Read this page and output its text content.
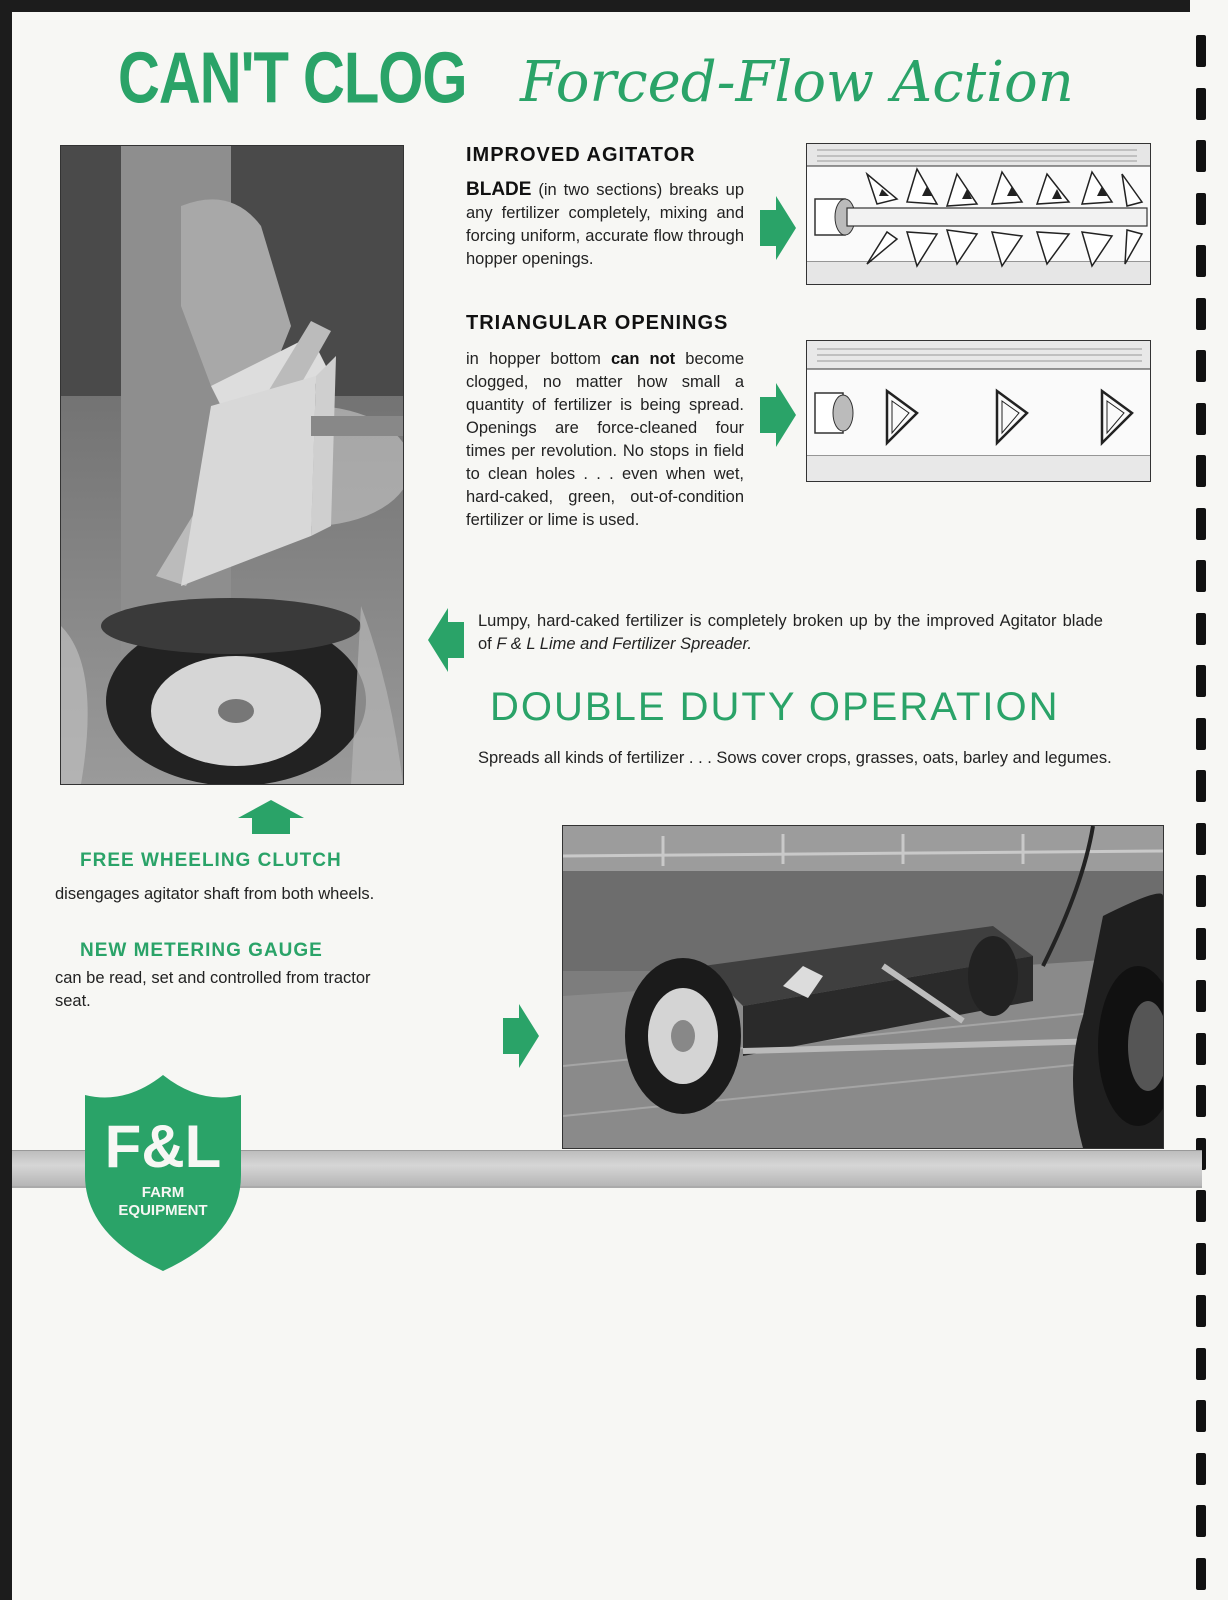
CAN'T CLOG Forced-Flow Action
IMPROVED AGITATOR

BLADE (in two sections) breaks up any fertilizer completely, mixing and forcing uniform, accurate flow through hopper openings.

TRIANGULAR OPENINGS

in hopper bottom can not become clogged, no matter how small a quantity of fertilizer is being spread. Openings are force-cleaned four times per revolution. No stops in field to clean holes . . . even when wet, hard-caked, green, out-of-condition fertilizer or lime is used.

Lumpy, hard-caked fertilizer is completely broken up by the improved Agitator blade of F & L Lime and Fertilizer Spreader.

DOUBLE DUTY OPERATION

Spreads all kinds of fertilizer . . . Sows cover crops, grasses, oats, barley and legumes.

FREE WHEELING CLUTCH

disengages agitator shaft from both wheels.

NEW METERING GAUGE

can be read, set and controlled from tractor seat.

F&L
FARM
EQUIPMENT
